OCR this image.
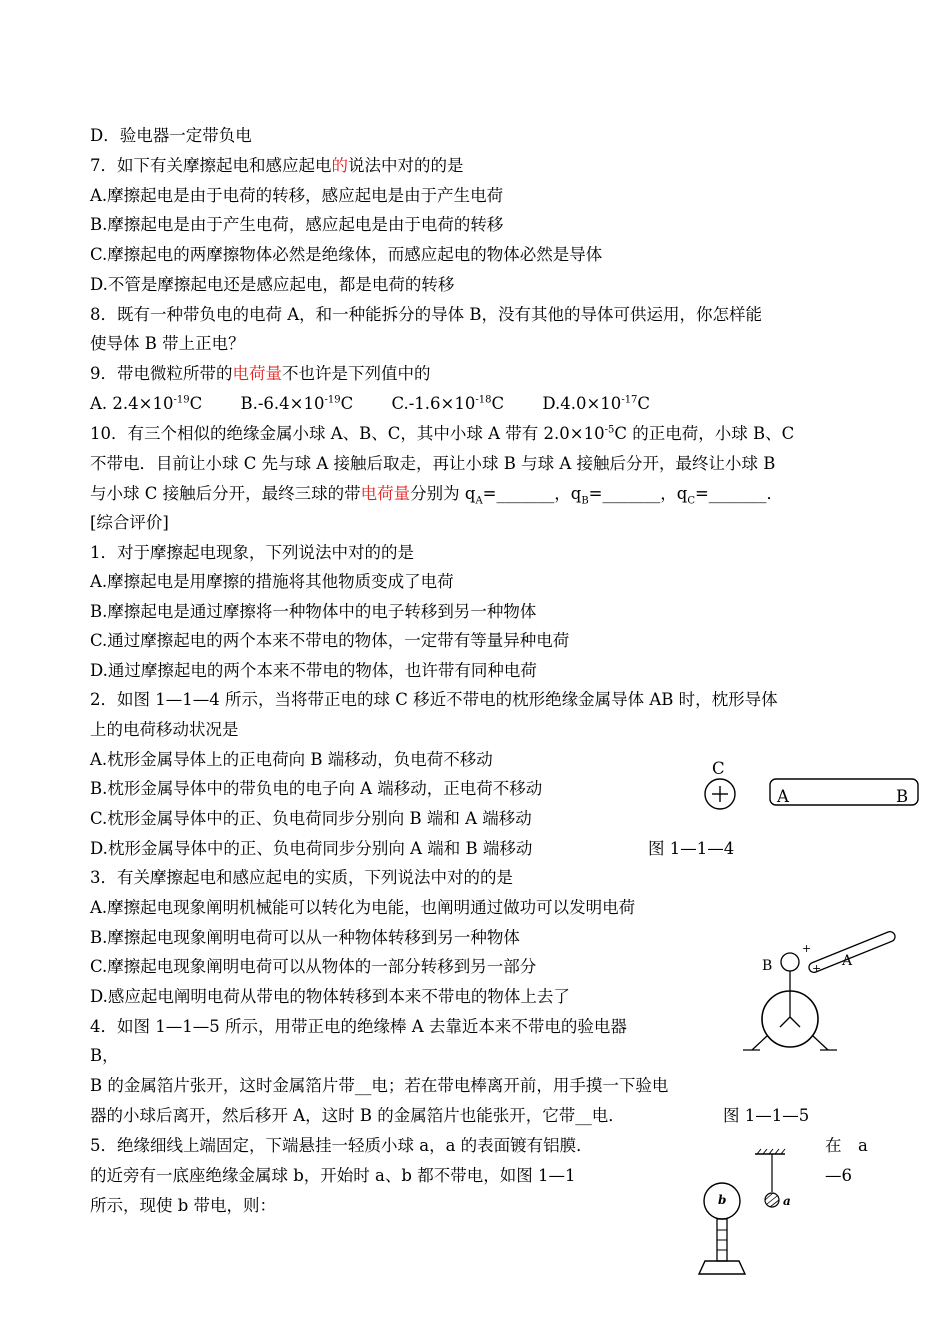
D．验电器一定带负电
7．如下有关摩擦起电和感应起电的说法中对的的是
A.摩擦起电是由于电荷的转移，感应起电是由于产生电荷
B.摩擦起电是由于产生电荷，感应起电是由于电荷的转移
C.摩擦起电的两摩擦物体必然是绝缘体，而感应起电的物体必然是导体
D.不管是摩擦起电还是感应起电，都是电荷的转移
8．既有一种带负电的电荷 A，和一种能拆分的导体 B，没有其他的导体可供运用，你怎样能
使导体 B 带上正电？
9．带电微粒所带的电荷量不也许是下列值中的
A. $2.4\times 10^{-19}C$　　 $B.-6.4\times 10^{-19}C$　　 $C.-1.6\times 10^{-18}C$　　 $D.4.0\times 10^{-17}C$
10．有三个相似的绝缘金属小球 A、B、C，其中小球 A 带有 $2.0\times 10^{-5}C$ 的正电荷，小球 B、C
不带电．目前让小球 C 先与球 A 接触后取走，再让小球 B 与球 A 接触后分开，最终让小球 B
与小球 C 接触后分开，最终三球的带电荷量分别为 $q_A=\_\_\_\_\_\_\_$，$q_B=\_\_\_\_\_\_\_$，$q_C=\_\_\_\_\_\_\_$．
[综合评价]
1．对于摩擦起电现象，下列说法中对的的是
A.摩擦起电是用摩擦的措施将其他物质变成了电荷
B.摩擦起电是通过摩擦将一种物体中的电子转移到另一种物体
C.通过摩擦起电的两个本来不带电的物体，一定带有等量异种电荷
D.通过摩擦起电的两个本来不带电的物体，也许带有同种电荷
2．如图 1—1—4 所示，当将带正电的球 C 移近不带电的枕形绝缘金属导体 AB 时，枕形导体
上的电荷移动状况是
A.枕形金属导体上的正电荷向 B 端移动，负电荷不移动
B.枕形金属导体中的带负电的电子向 A 端移动，正电荷不移动
C.枕形金属导体中的正、负电荷同步分别向 B 端和 A 端移动
D.枕形金属导体中的正、负电荷同步分别向 A 端和 B 端移动
3．有关摩擦起电和感应起电的实质，下列说法中对的的是
A.摩擦起电现象阐明机械能可以转化为电能，也阐明通过做功可以发明电荷
B.摩擦起电现象阐明电荷可以从一种物体转移到另一种物体
C.摩擦起电现象阐明电荷可以从物体的一部分转移到另一部分
D.感应起电阐明电荷从带电的物体转移到本来不带电的物体上去了
4．如图 1—1—5 所示，用带正电的绝缘棒 A 去靠近本来不带电的验电器
B，
B 的金属箔片张开，这时金属箔片带__电；若在带电棒离开前，用手摸一下验电
器的小球后离开，然后移开 A，这时 B 的金属箔片也能张开，它带__电．
5．绝缘细线上端固定，下端悬挂一轻质小球 a，a 的表面镀有铝膜．	在　a
的近旁有一底座绝缘金属球 b，开始时 a、b 都不带电，如图 1—1	—6
所示，现使 b 带电，则：
C
A	B
图 1—1—4
B	A
+
+
图 1—1—5
b	a
